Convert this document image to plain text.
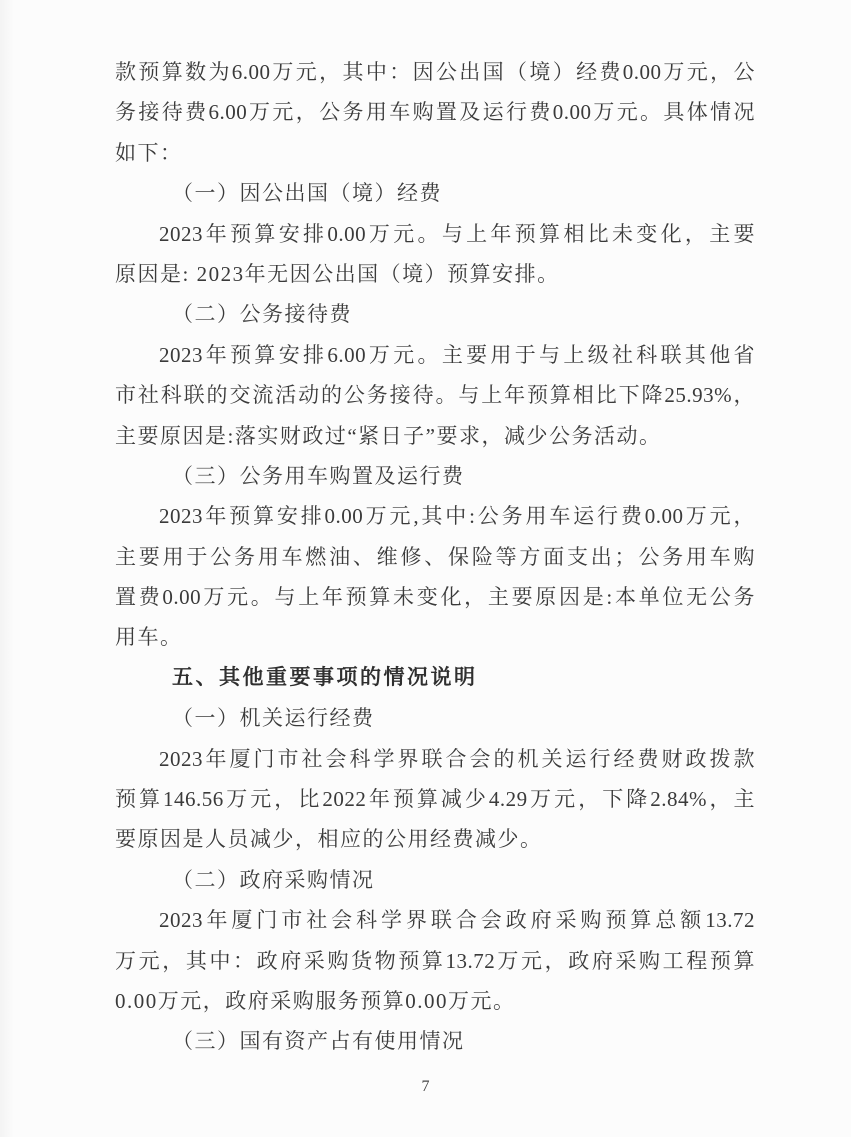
款预算数为6.00万元，其中：因公出国（境）经费0.00万元，公
务接待费6.00万元，公务用车购置及运行费0.00万元。具体情况
如下：
（一）因公出国（境）经费
2023年预算安排0.00万元。与上年预算相比未变化，主要
原因是: 2023年无因公出国（境）预算安排。
（二）公务接待费
2023年预算安排6.00万元。主要用于与上级社科联其他省
市社科联的交流活动的公务接待。与上年预算相比下降25.93%，
主要原因是:落实财政过“紧日子”要求，减少公务活动。
（三）公务用车购置及运行费
2023年预算安排0.00万元,其中:公务用车运行费0.00万元，
主要用于公务用车燃油、维修、保险等方面支出；公务用车购
置费0.00万元。与上年预算未变化，主要原因是:本单位无公务
用车。
五、其他重要事项的情况说明
（一）机关运行经费
2023年厦门市社会科学界联合会的机关运行经费财政拨款
预算146.56万元，比2022年预算减少4.29万元，下降2.84%，主
要原因是人员减少，相应的公用经费减少。
（二）政府采购情况
2023年厦门市社会科学界联合会政府采购预算总额13.72
万元，其中：政府采购货物预算13.72万元，政府采购工程预算
0.00万元，政府采购服务预算0.00万元。
（三）国有资产占有使用情况
7
